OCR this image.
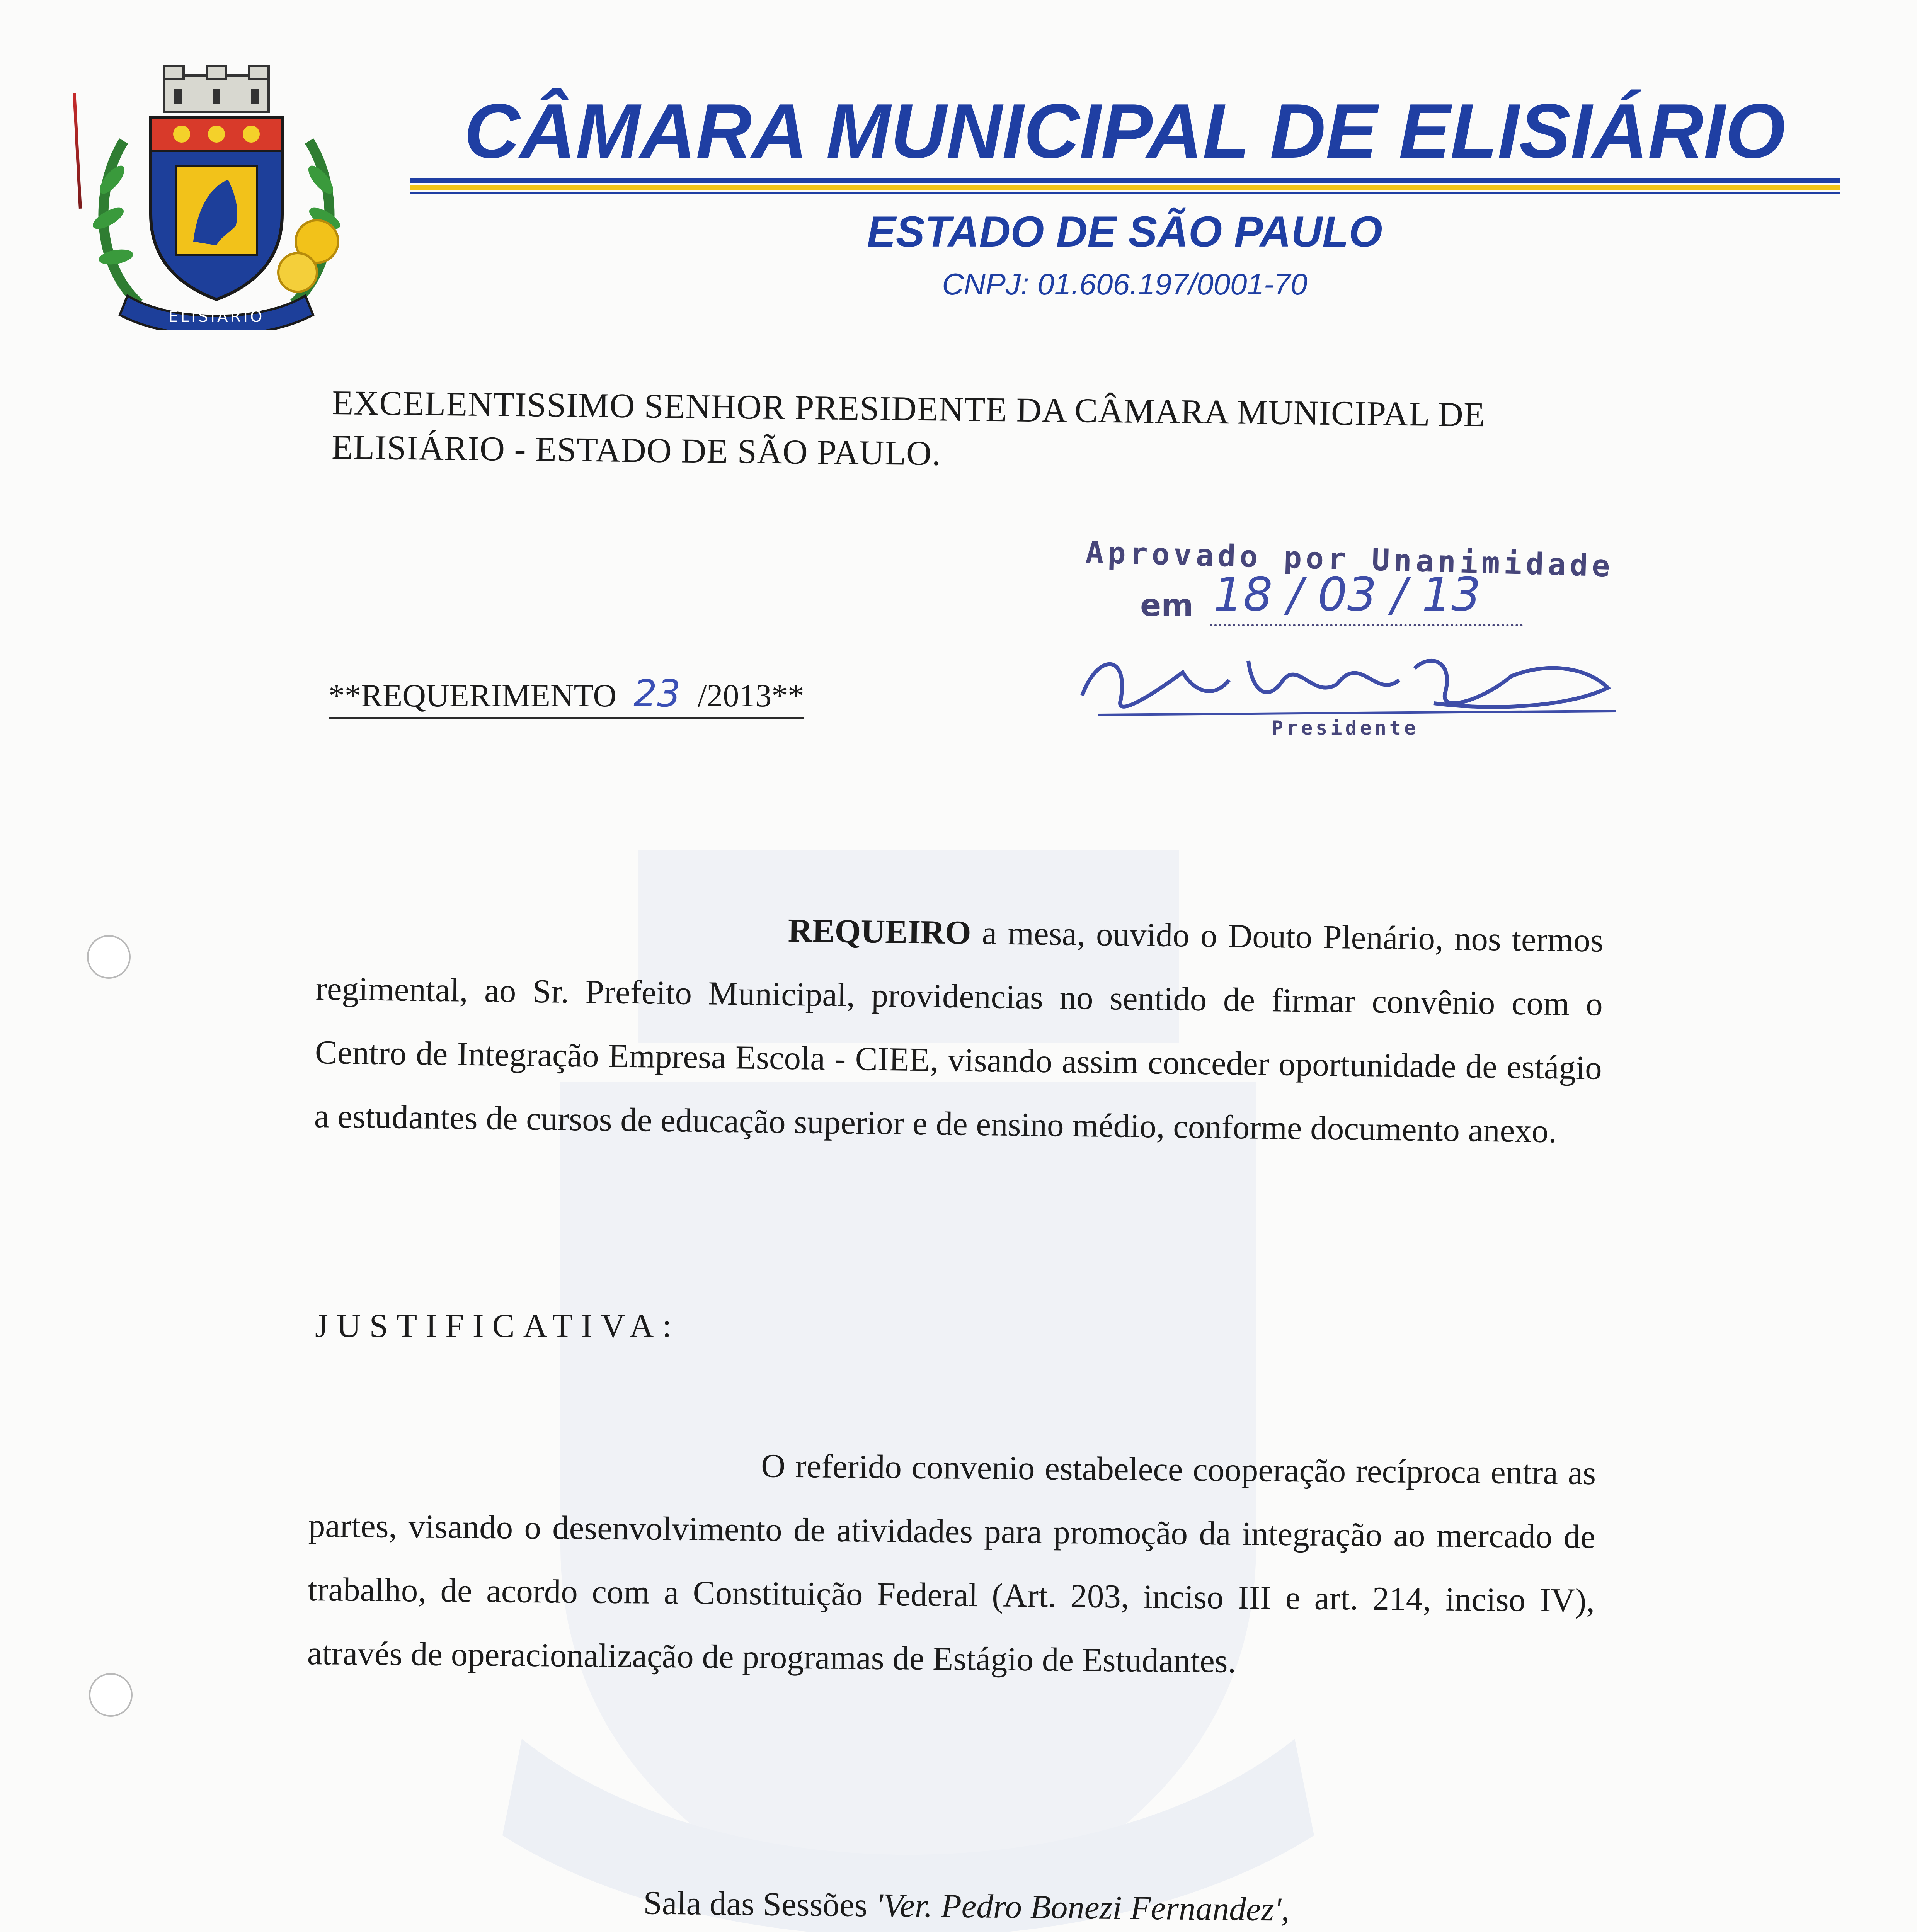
ELISIARIO
CÂMARA MUNICIPAL DE ELISIÁRIO
ESTADO DE SÃO PAULO
CNPJ: 01.606.197/0001-70
EXCELENTISSIMO SENHOR PRESIDENTE DA CÂMARA MUNICIPAL DE ELISIÁRIO - ESTADO DE SÃO PAULO.
**REQUERIMENTO 23 /2013**
Aprovado por Unanimidade
em 18 / 03 / 13
Presidente
REQUEIRO a mesa, ouvido o Douto Plenário, nos termos regimental, ao Sr. Prefeito Municipal, providencias no sentido de firmar convênio com o Centro de Integração Empresa Escola - CIEE, visando assim conceder oportunidade de estágio a estudantes de cursos de educação superior e de ensino médio, conforme documento anexo.
JUSTIFICATIVA:
O referido convenio estabelece cooperação recíproca entra as partes, visando o desenvolvimento de atividades para promoção da integração ao mercado de trabalho, de acordo com a Constituição Federal (Art. 203, inciso III e art. 214, inciso IV), através de operacionalização de programas de Estágio de Estudantes.
Sala das Sessões 'Ver. Pedro Bonezi Fernandez',
